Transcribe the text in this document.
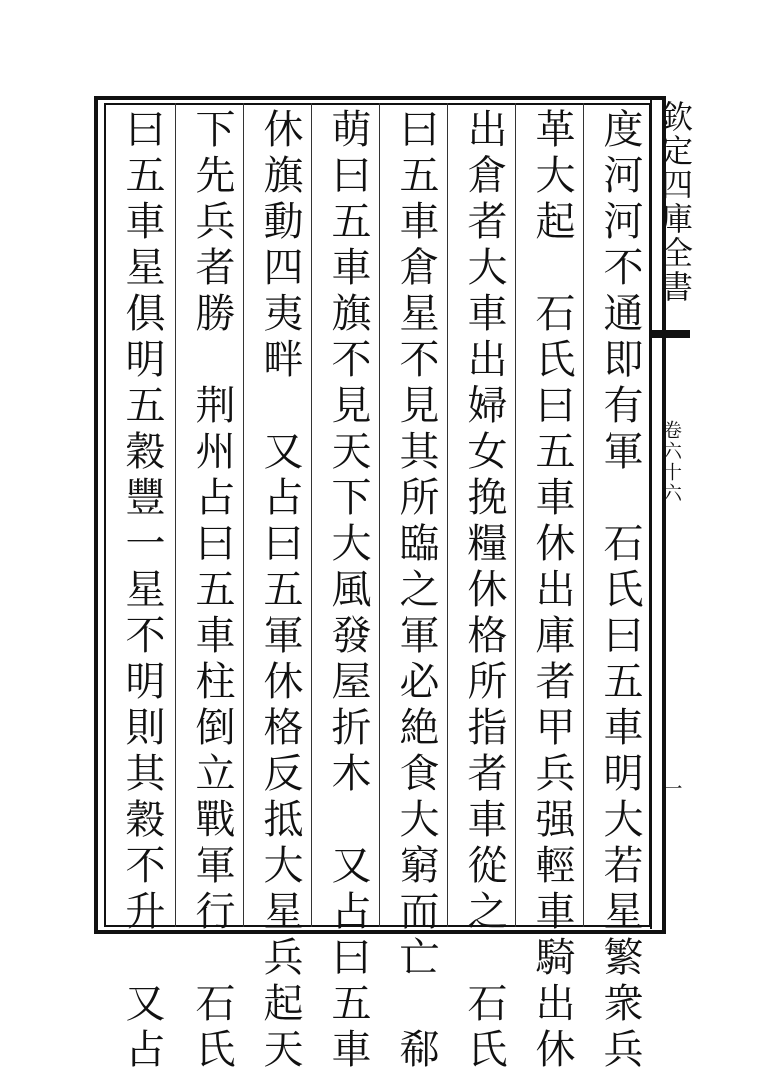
欽定四庫全書
卷六十六
一
度河河不通即有軍　石氏曰五車明大若星繁衆兵
革大起　石氏曰五車休出庫者甲兵强輕車騎出休
出倉者大車出婦女挽糧休格所指者車從之　石氏
曰五車倉星不見其所臨之軍必絶食大窮而亡　郗
萌曰五車旗不見天下大風發屋折木　又占曰五車
休旗動四夷畔　又占曰五軍休格反抵大星兵起天
下先兵者勝　荆州占曰五車柱倒立戰軍行　石氏
曰五車星俱明五穀豐一星不明則其穀不升　又占
